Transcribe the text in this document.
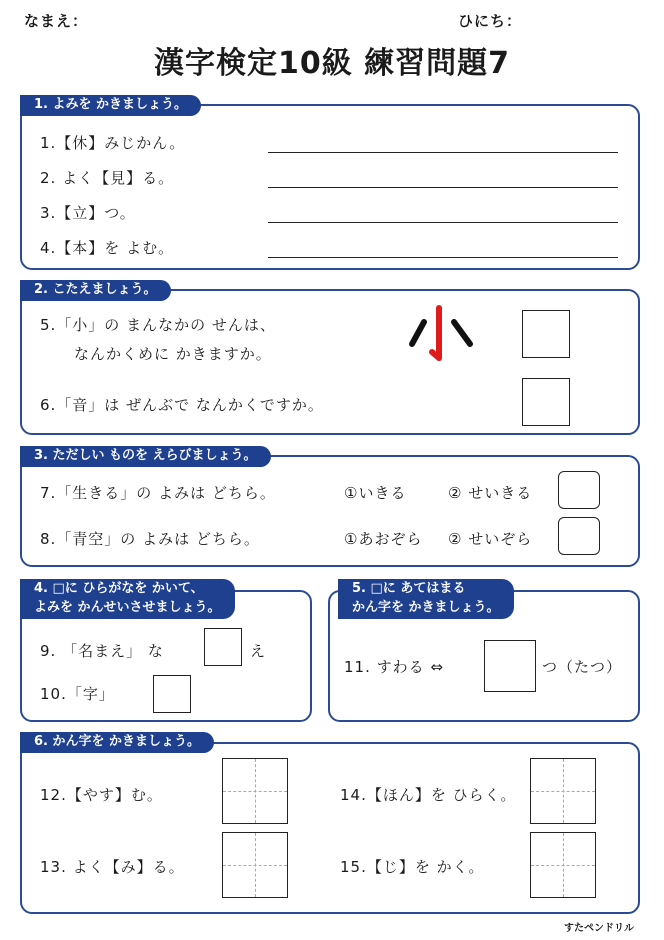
なまえ：	ひにち：
漢字検定10級 練習問題7
1. よみを かきましょう。
1.【休】みじかん。
2. よく【見】る。
3.【立】つ。
4.【本】を よむ。
2. こたえましょう。
5.「小」の まんなかの せんは、
なんかくめに かきますか。
6.「音」は ぜんぶで なんかくですか。
3. ただしい ものを えらびましょう。
7.「生きる」の よみは どちら。	①いきる	② せいきる
8.「青空」の よみは どちら。	①あおぞら ② せいぞら
4. □に ひらがなを かいて、
よみを かんせいさせましょう。
9. 「名まえ」 な	え
10.「字」
5. □に あてはまる
かん字を かきましょう。
11. すわる ⇔	つ（たつ）
6. かん字を かきましょう。
12.【やす】む。
13. よく【み】る。
14.【ほん】を ひらく。
15.【じ】を かく。
すたペンドリル
